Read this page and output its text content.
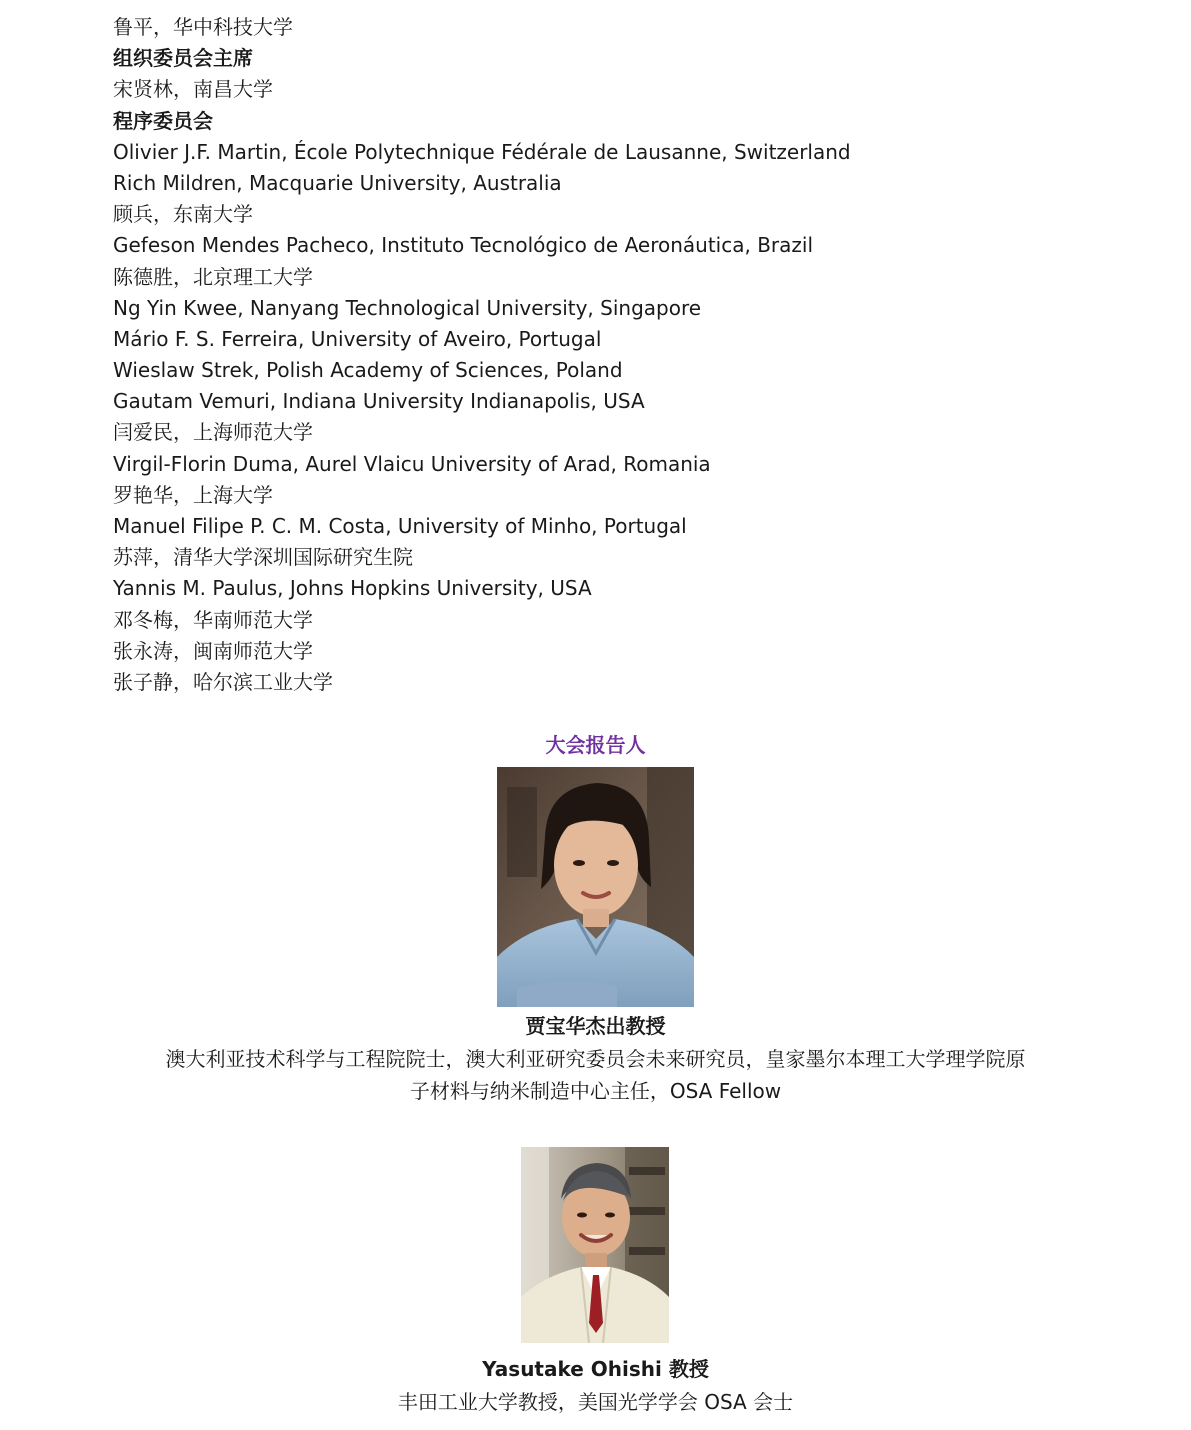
鲁平，华中科技大学
组织委员会主席
宋贤林，南昌大学
程序委员会
Olivier J.F. Martin, École Polytechnique Fédérale de Lausanne, Switzerland
Rich Mildren, Macquarie University, Australia
顾兵，东南大学
Gefeson Mendes Pacheco, Instituto Tecnológico de Aeronáutica, Brazil
陈德胜，北京理工大学
Ng Yin Kwee, Nanyang Technological University, Singapore
Mário F. S. Ferreira, University of Aveiro, Portugal
Wieslaw Strek, Polish Academy of Sciences, Poland
Gautam Vemuri, Indiana University Indianapolis, USA
闫爱民，上海师范大学
Virgil-Florin Duma, Aurel Vlaicu University of Arad, Romania
罗艳华，上海大学
Manuel Filipe P. C. M. Costa, University of Minho, Portugal
苏萍，清华大学深圳国际研究生院
Yannis M. Paulus, Johns Hopkins University, USA
邓冬梅，华南师范大学
张永涛，闽南师范大学
张子静，哈尔滨工业大学
大会报告人
贾宝华杰出教授
澳大利亚技术科学与工程院院士，澳大利亚研究委员会未来研究员，皇家墨尔本理工大学理学院原
子材料与纳米制造中心主任，OSA Fellow
Yasutake Ohishi 教授
丰田工业大学教授，美国光学学会 OSA 会士
